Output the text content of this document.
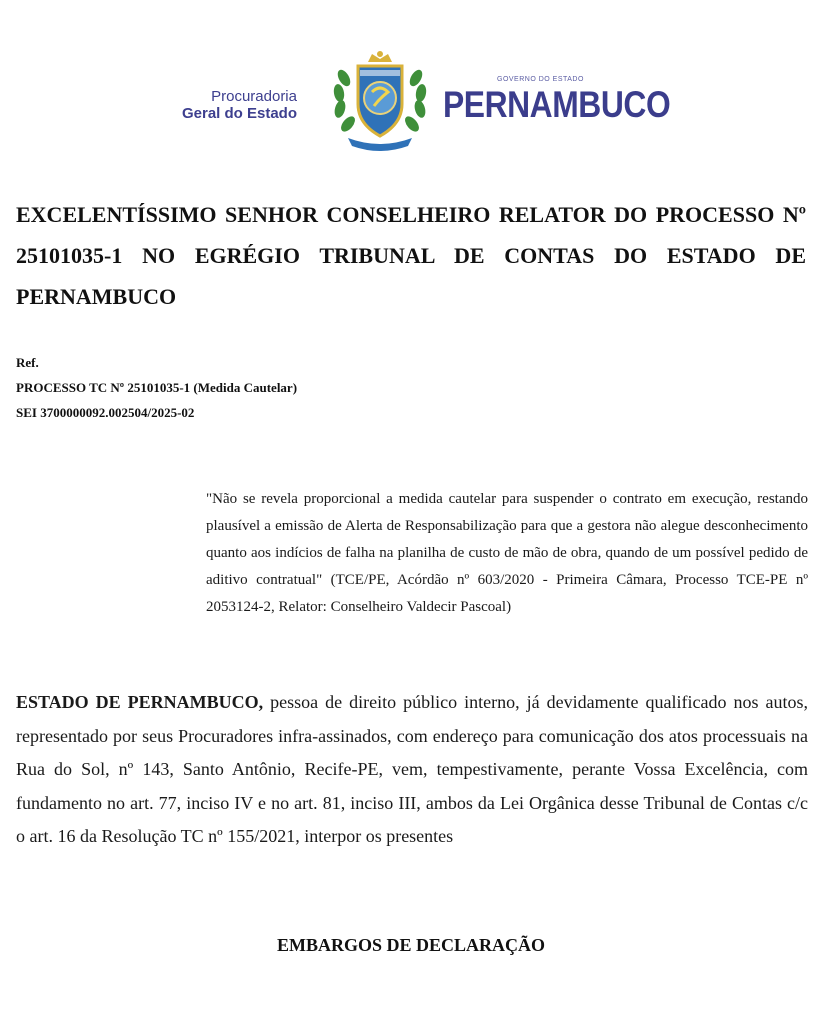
Procuradoria
Geral do Estado
GOVERNO DO ESTADO
PERNAMBUCO
EXCELENTÍSSIMO SENHOR CONSELHEIRO RELATOR DO PROCESSO Nº 25101035-1 NO EGRÉGIO TRIBUNAL DE CONTAS DO ESTADO DE PERNAMBUCO
Ref.
PROCESSO TC Nº 25101035-1 (Medida Cautelar)
SEI 3700000092.002504/2025-02
"Não se revela proporcional a medida cautelar para suspender o contrato em execução, restando plausível a emissão de Alerta de Responsabilização para que a gestora não alegue desconhecimento quanto aos indícios de falha na planilha de custo de mão de obra, quando de um possível pedido de aditivo contratual" (TCE/PE, Acórdão nº 603/2020 - Primeira Câmara, Processo TCE-PE nº 2053124-2, Relator: Conselheiro Valdecir Pascoal)
ESTADO DE PERNAMBUCO, pessoa de direito público interno, já devidamente qualificado nos autos, representado por seus Procuradores infra-assinados, com endereço para comunicação dos atos processuais na Rua do Sol, nº 143, Santo Antônio, Recife-PE, vem, tempestivamente, perante Vossa Excelência, com fundamento no art. 77, inciso IV e no art. 81, inciso III, ambos da Lei Orgânica desse Tribunal de Contas c/c o art. 16 da Resolução TC nº 155/2021, interpor os presentes
EMBARGOS DE DECLARAÇÃO
